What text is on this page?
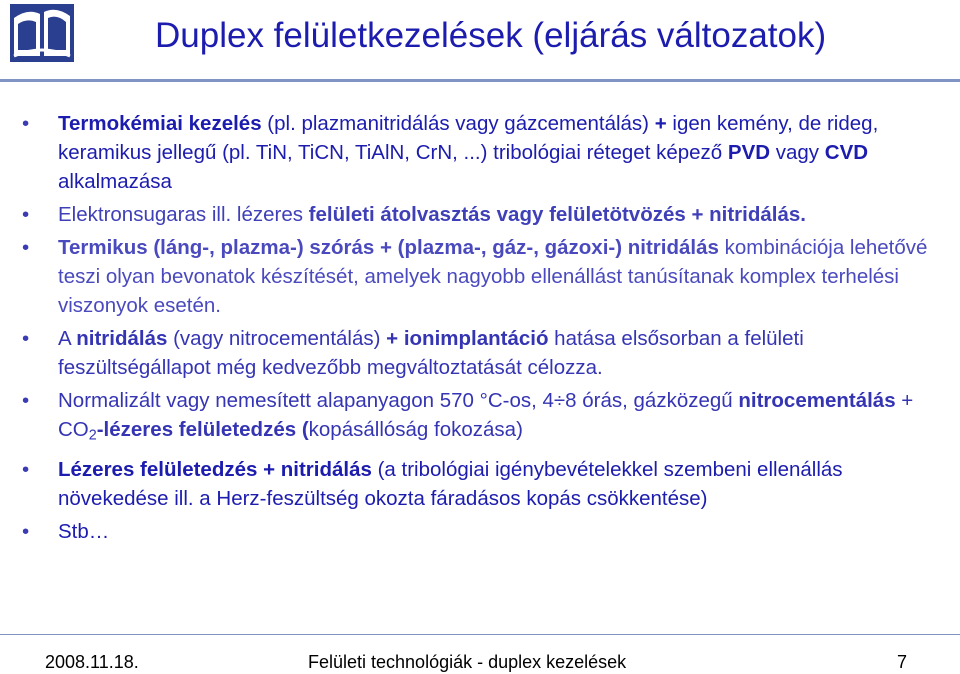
Duplex felületkezelések (eljárás változatok)
• Termokémiai kezelés (pl. plazmanitridálás vagy gázcementálás) + igen kemény, de rideg, keramikus jellegű (pl. TiN, TiCN, TiAlN, CrN, ...) tribológiai réteget képező PVD vagy CVD alkalmazása
• Elektronsugaras ill. lézeres felületi átolvasztás vagy felületötvözés + nitridálás.
• Termikus (láng-, plazma-) szórás + (plazma-, gáz-, gázoxi-) nitridálás kombinációja lehetővé teszi olyan bevonatok készítését, amelyek nagyobb ellenállást tanúsítanak komplex terhelési viszonyok esetén.
• A nitridálás (vagy nitrocementálás) + ionimplantáció hatása elsősorban a felületi feszültségállapot még kedvezőbb megváltoztatását célozza.
• Normalizált vagy nemesített alapanyagon 570 °C-os, 4÷8 órás, gázközegű nitrocementálás + $CO_2$-lézeres felületedzés (kopásállóság fokozása)
• Lézeres felületedzés + nitridálás (a tribológiai igénybevételekkel szembeni ellenállás növekedése ill. a Herz-feszültség okozta fáradásos kopás csökkentése)
• Stb…
2008.11.18.	Felületi technológiák - duplex kezelések	7
